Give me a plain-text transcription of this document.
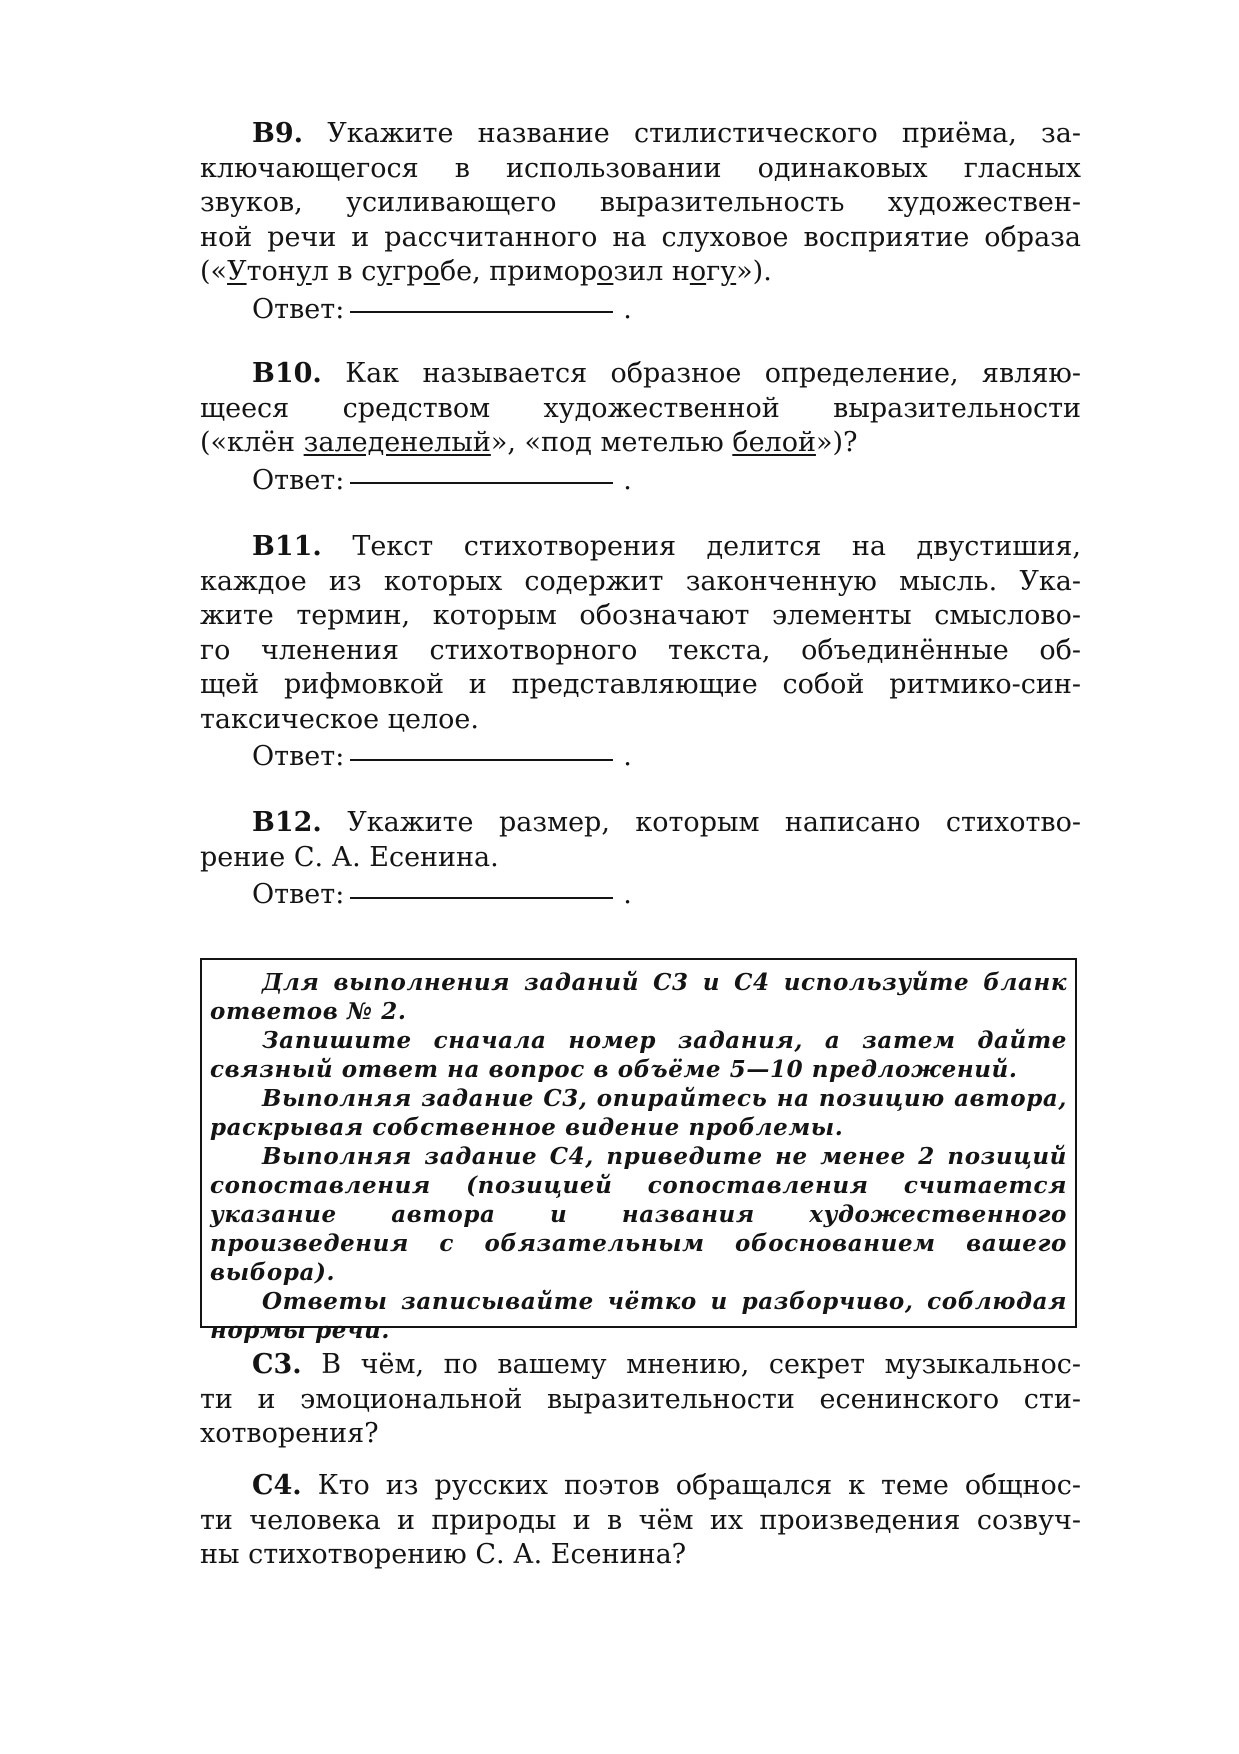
B9. Укажите название стилистического приёма, за-
ключающегося в использовании одинаковых гласных
звуков, усиливающего выразительность художествен-
ной речи и рассчитанного на слуховое восприятие образа
(«Утонул в сугробе, приморозил ногу»).
Ответ:	.
B10. Как называется образное определение, являю-
щееся средством художественной выразительности
(«клён заледенелый», «под метелью белой»)?
Ответ:	.
B11. Текст стихотворения делится на двустишия,
каждое из которых содержит законченную мысль. Ука-
жите термин, которым обозначают элементы смыслово-
го членения стихотворного текста, объединённые об-
щей рифмовкой и представляющие собой ритмико-син-
таксическое целое.
Ответ:	.
B12. Укажите размер, которым написано стихотво-
рение С. А. Есенина.
Ответ:	.

Для выполнения заданий С3 и С4 используйте бланк ответов № 2.

Запишите сначала номер задания, а затем дайте связный ответ на вопрос в объёме 5—10 предложений.

Выполняя задание С3, опирайтесь на позицию автора, раскрывая собственное видение проблемы.

Выполняя задание С4, приведите не менее 2 позиций сопоставления (позицией сопоставления считается указание автора и названия художественного произведения с обязательным обоснованием вашего выбора).

Ответы записывайте чётко и разборчиво, соблюдая нормы речи.

С3. В чём, по вашему мнению, секрет музыкальнос-
ти и эмоциональной выразительности есенинского сти-
хотворения?
С4. Кто из русских поэтов обращался к теме общнос-
ти человека и природы и в чём их произведения созвуч-
ны стихотворению С. А. Есенина?
